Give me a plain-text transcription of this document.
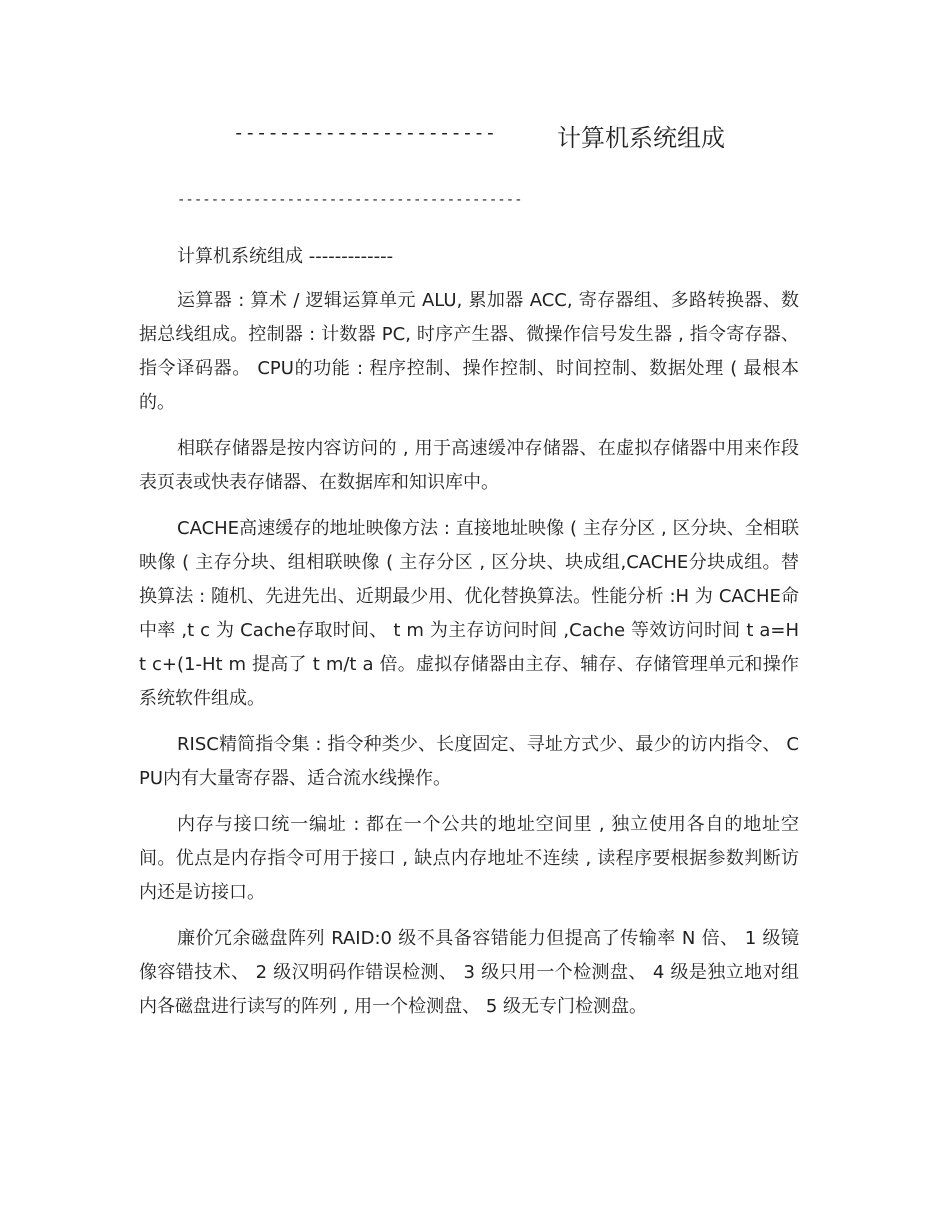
-----------------------	计算机系统组成
-----------------------------------------

计算机系统组成 -------------

运算器 : 算术 / 逻辑运算单元 ALU, 累加器 ACC, 寄存器组、多路转换器、数据总线组成。控制器 : 计数器 PC, 时序产生器、微操作信号发生器 , 指令寄存器、指令译码器。 CPU的功能 : 程序控制、操作控制、时间控制、数据处理 ( 最根本的。

相联存储器是按内容访问的 , 用于高速缓冲存储器、在虚拟存储器中用来作段表页表或快表存储器、在数据库和知识库中。

CACHE高速缓存的地址映像方法 : 直接地址映像 ( 主存分区 , 区分块、全相联映像 ( 主存分块、组相联映像 ( 主存分区 , 区分块、块成组,CACHE分块成组。替换算法 : 随机、先进先出、近期最少用、优化替换算法。性能分析 :H 为 CACHE命中率 ,t c 为 Cache存取时间、 t m 为主存访问时间 ,Cache 等效访问时间 t a=H t c+(1-Ht m 提高了 t m/t a 倍。虚拟存储器由主存、辅存、存储管理单元和操作系统软件组成。

RISC精简指令集 : 指令种类少、长度固定、寻址方式少、最少的访内指令、 CPU内有大量寄存器、适合流水线操作。

内存与接口统一编址 : 都在一个公共的地址空间里 , 独立使用各自的地址空间。优点是内存指令可用于接口 , 缺点内存地址不连续 , 读程序要根据参数判断访内还是访接口。

廉价冗余磁盘阵列 RAID:0 级不具备容错能力但提高了传输率 N 倍、 1 级镜像容错技术、 2 级汉明码作错误检测、 3 级只用一个检测盘、 4 级是独立地对组内各磁盘进行读写的阵列 , 用一个检测盘、 5 级无专门检测盘。
